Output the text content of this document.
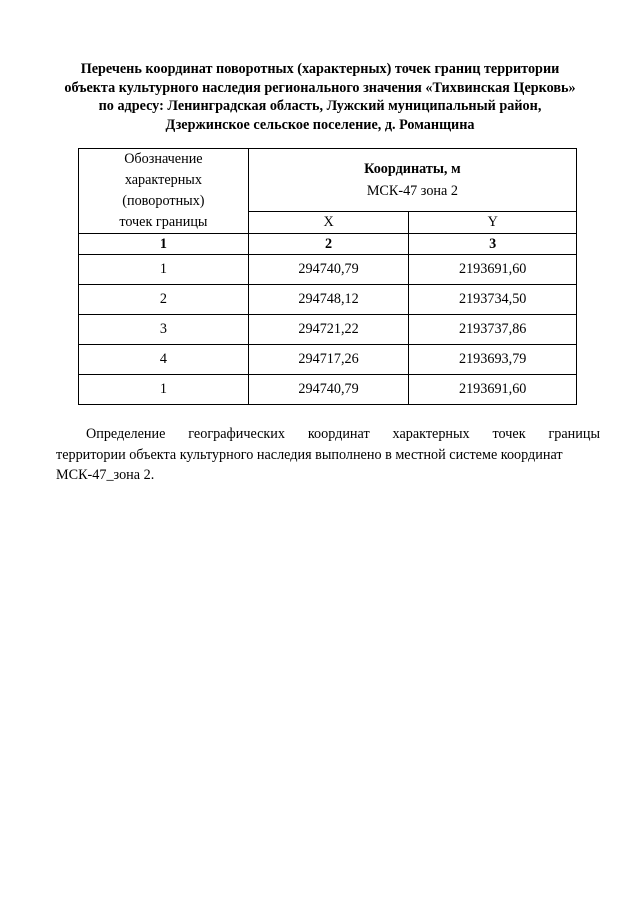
Перечень координат поворотных (характерных) точек границ территории
объекта культурного наследия регионального значения «Тихвинская Церковь»
по адресу: Ленинградская область, Лужский муниципальный район,
Дзержинское сельское поселение, д. Романщина
Обозначение
характерных
(поворотных)
точек границы	Координаты, м
МСК-47 зона 2	
	X	Y
1	2	3
1	294740,79	2193691,60
2	294748,12	2193734,50
3	294721,22	2193737,86
4	294717,26	2193693,79
1	294740,79	2193691,60
Определение географических координат характерных точек границы
территории объекта культурного наследия выполнено в местной системе координат
МСК-47_зона 2.
